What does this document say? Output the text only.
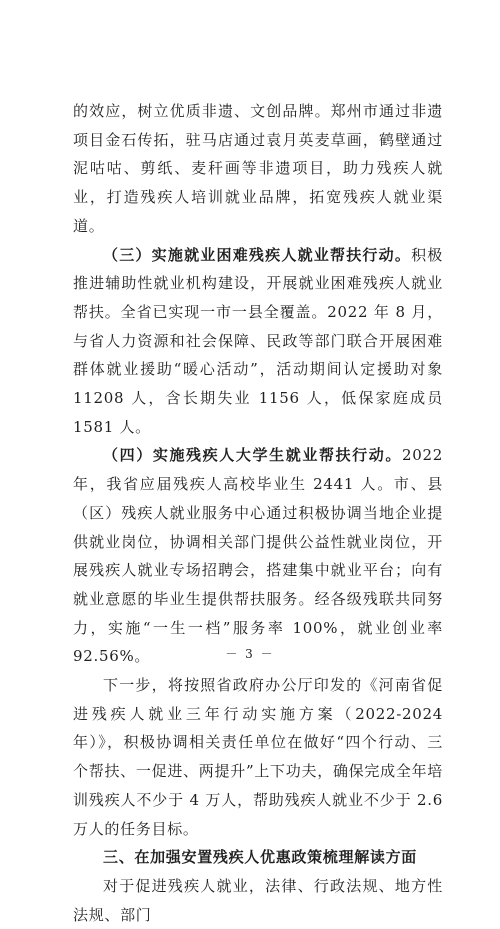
的效应，树立优质非遗、文创品牌。郑州市通过非遗项目金石传拓，驻马店通过袁月英麦草画，鹤壁通过泥咕咕、剪纸、麦秆画等非遗项目，助力残疾人就业，打造残疾人培训就业品牌，拓宽残疾人就业渠道。

（三）实施就业困难残疾人就业帮扶行动。积极推进辅助性就业机构建设，开展就业困难残疾人就业帮扶。全省已实现一市一县全覆盖。2022 年 8 月，与省人力资源和社会保障、民政等部门联合开展困难群体就业援助“暖心活动”，活动期间认定援助对象 11208 人，含长期失业 1156 人，低保家庭成员 1581 人。

（四）实施残疾人大学生就业帮扶行动。2022 年，我省应届残疾人高校毕业生 2441 人。市、县（区）残疾人就业服务中心通过积极协调当地企业提供就业岗位，协调相关部门提供公益性就业岗位，开展残疾人就业专场招聘会，搭建集中就业平台；向有就业意愿的毕业生提供帮扶服务。经各级残联共同努力，实施“一生一档”服务率 100%，就业创业率 92.56%。

下一步，将按照省政府办公厅印发的《河南省促进残疾人就业三年行动实施方案（2022-2024 年）》，积极协调相关责任单位在做好“四个行动、三个帮扶、一促进、两提升”上下功夫，确保完成全年培训残疾人不少于 4 万人，帮助残疾人就业不少于 2.6 万人的任务目标。

三、在加强安置残疾人优惠政策梳理解读方面

对于促进残疾人就业，法律、行政法规、地方性法规、部门

－ 3 －
